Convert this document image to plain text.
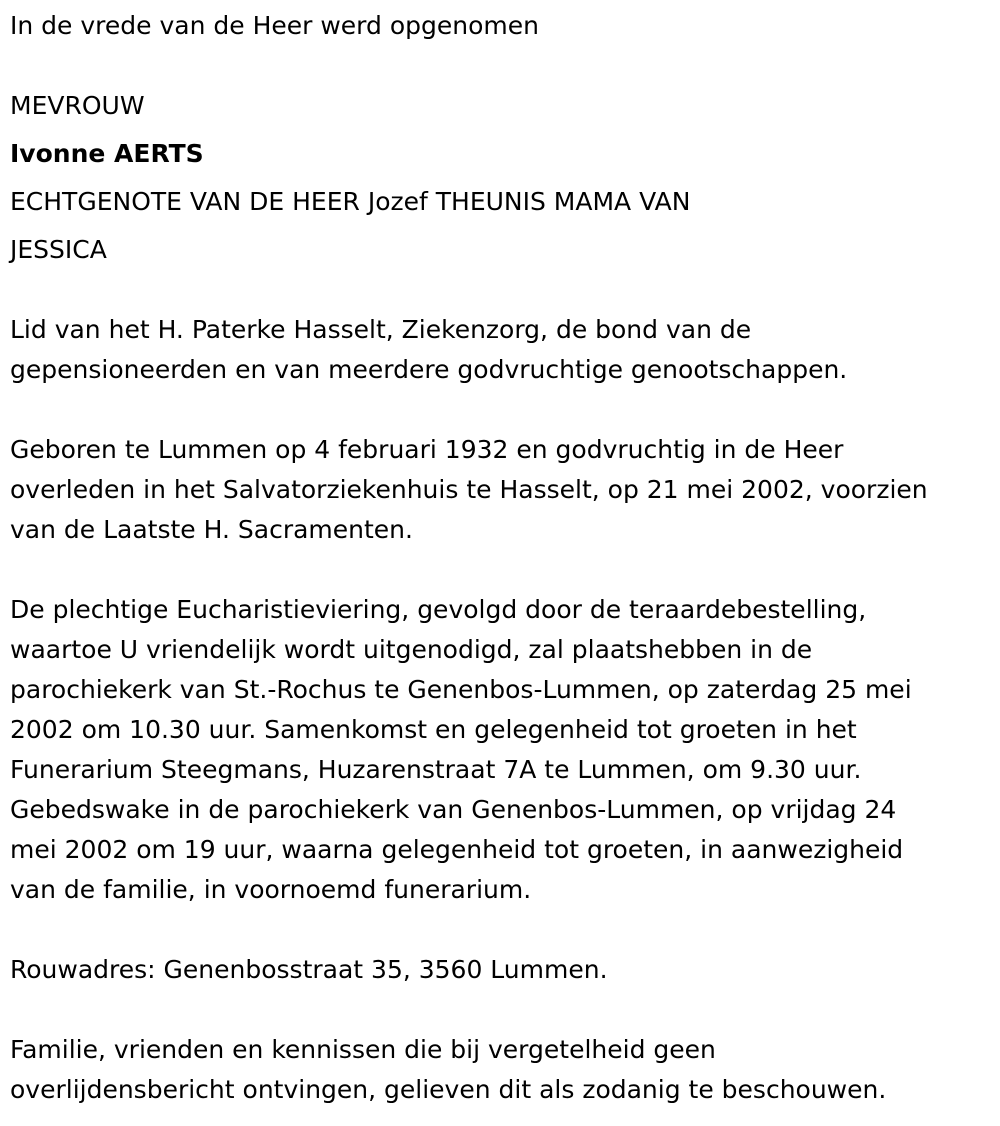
In de vrede van de Heer werd opgenomen
MEVROUW
Ivonne AERTS
ECHTGENOTE VAN DE HEER Jozef THEUNIS MAMA VAN
JESSICA
Lid van het H. Paterke Hasselt, Ziekenzorg, de bond van de
gepensioneerden en van meerdere godvruchtige genootschappen.
Geboren te Lummen op 4 februari 1932 en godvruchtig in de Heer
overleden in het Salvatorziekenhuis te Hasselt, op 21 mei 2002, voorzien
van de Laatste H. Sacramenten.
De plechtige Eucharistieviering, gevolgd door de teraardebestelling,
waartoe U vriendelijk wordt uitgenodigd, zal plaatshebben in de
parochiekerk van St.-Rochus te Genenbos-Lummen, op zaterdag 25 mei
2002 om 10.30 uur. Samenkomst en gelegenheid tot groeten in het
Funerarium Steegmans, Huzarenstraat 7A te Lummen, om 9.30 uur.
Gebedswake in de parochiekerk van Genenbos-Lummen, op vrijdag 24
mei 2002 om 19 uur, waarna gelegenheid tot groeten, in aanwezigheid
van de familie, in voornoemd funerarium.
Rouwadres: Genenbosstraat 35, 3560 Lummen.
Familie, vrienden en kennissen die bij vergetelheid geen
overlijdensbericht ontvingen, gelieven dit als zodanig te beschouwen.
